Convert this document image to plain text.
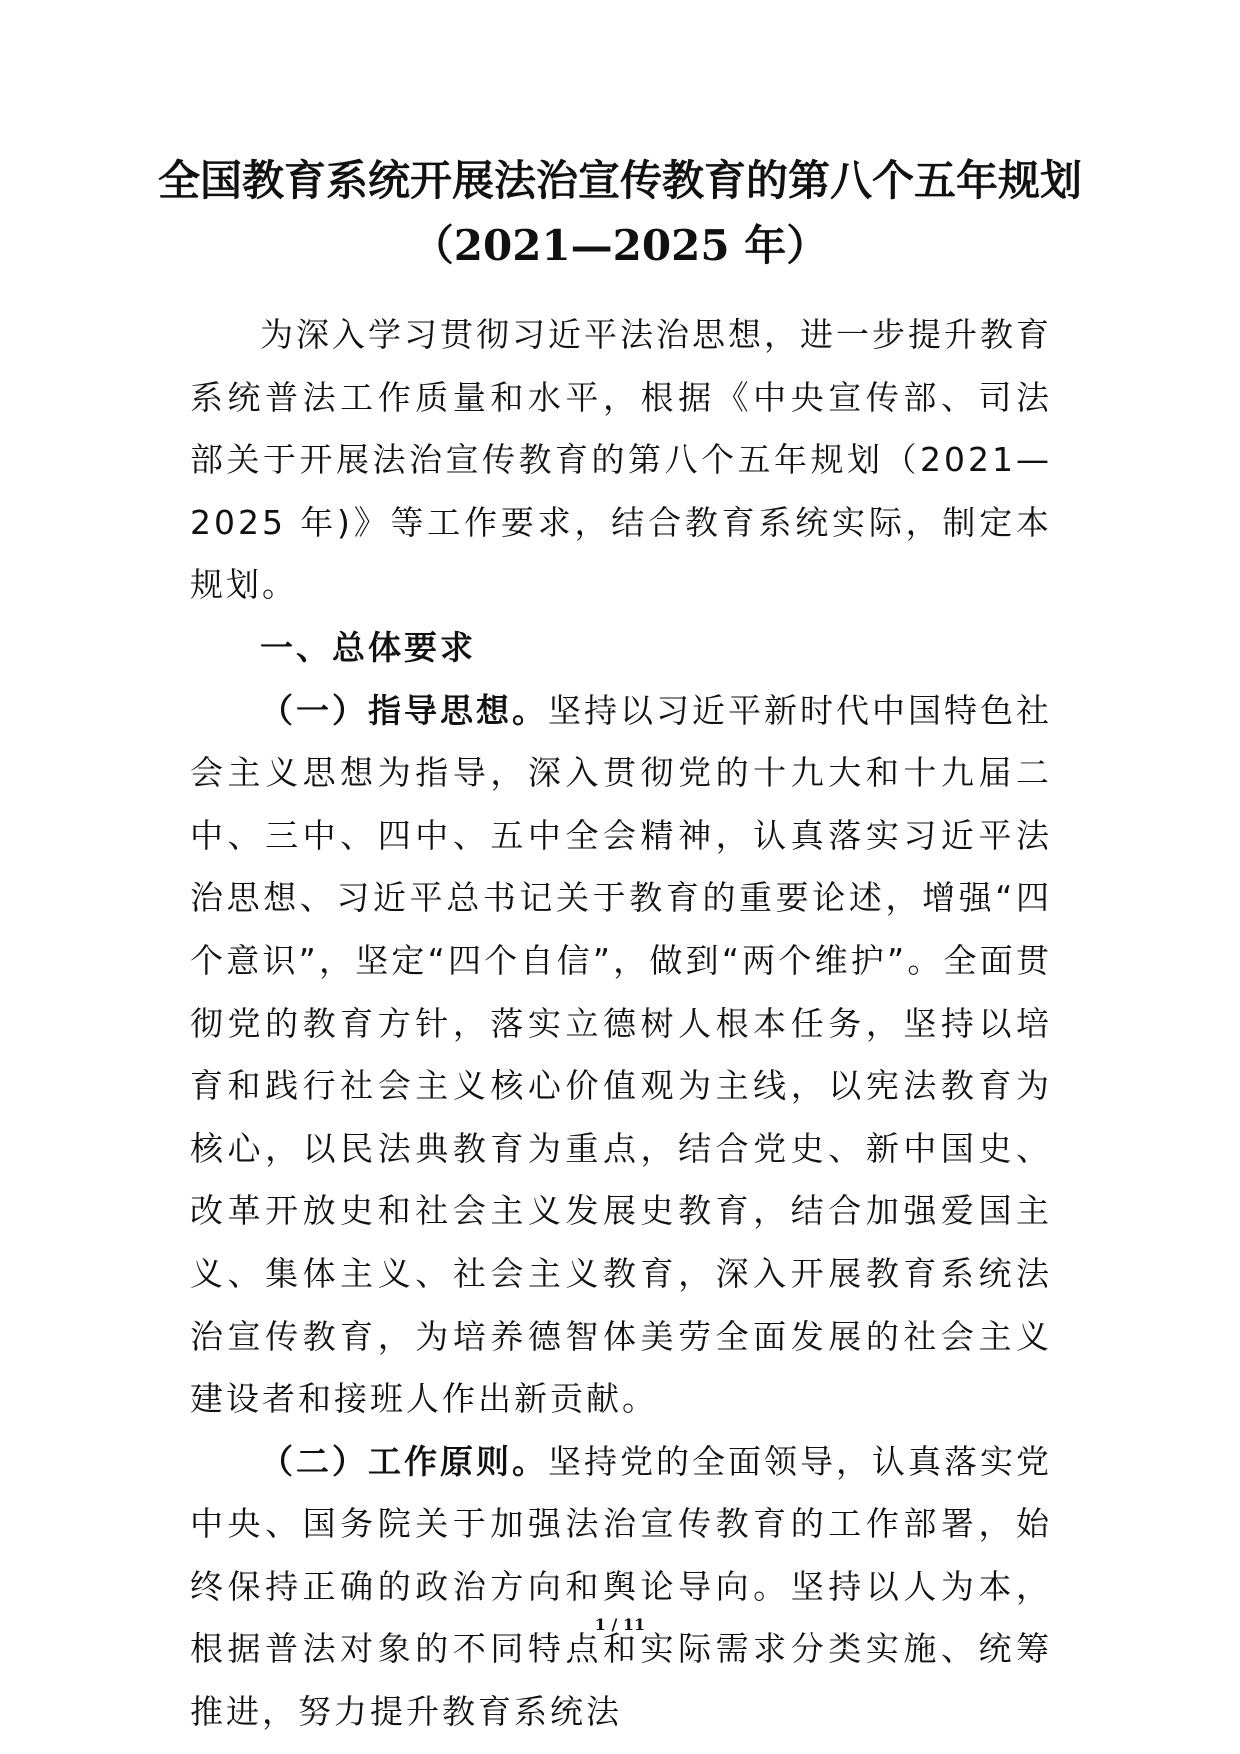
全国教育系统开展法治宣传教育的第八个五年规划
（2021—2025 年）

为深入学习贯彻习近平法治思想，进一步提升教育系统普法工作质量和水平，根据《中央宣传部、司法部关于开展法治宣传教育的第八个五年规划（2021—2025 年)》等工作要求，结合教育系统实际，制定本规划。

一、总体要求

（一）指导思想。坚持以习近平新时代中国特色社会主义思想为指导，深入贯彻党的十九大和十九届二中、三中、四中、五中全会精神，认真落实习近平法治思想、习近平总书记关于教育的重要论述，增强“四个意识”，坚定“四个自信”，做到“两个维护”。全面贯彻党的教育方针，落实立德树人根本任务，坚持以培育和践行社会主义核心价值观为主线，以宪法教育为核心，以民法典教育为重点，结合党史、新中国史、改革开放史和社会主义发展史教育，结合加强爱国主义、集体主义、社会主义教育，深入开展教育系统法治宣传教育，为培养德智体美劳全面发展的社会主义建设者和接班人作出新贡献。

（二）工作原则。坚持党的全面领导，认真落实党中央、国务院关于加强法治宣传教育的工作部署，始终保持正确的政治方向和舆论导向。坚持以人为本，根据普法对象的不同特点和实际需求分类实施、统筹推进，努力提升教育系统法

1 / 11
